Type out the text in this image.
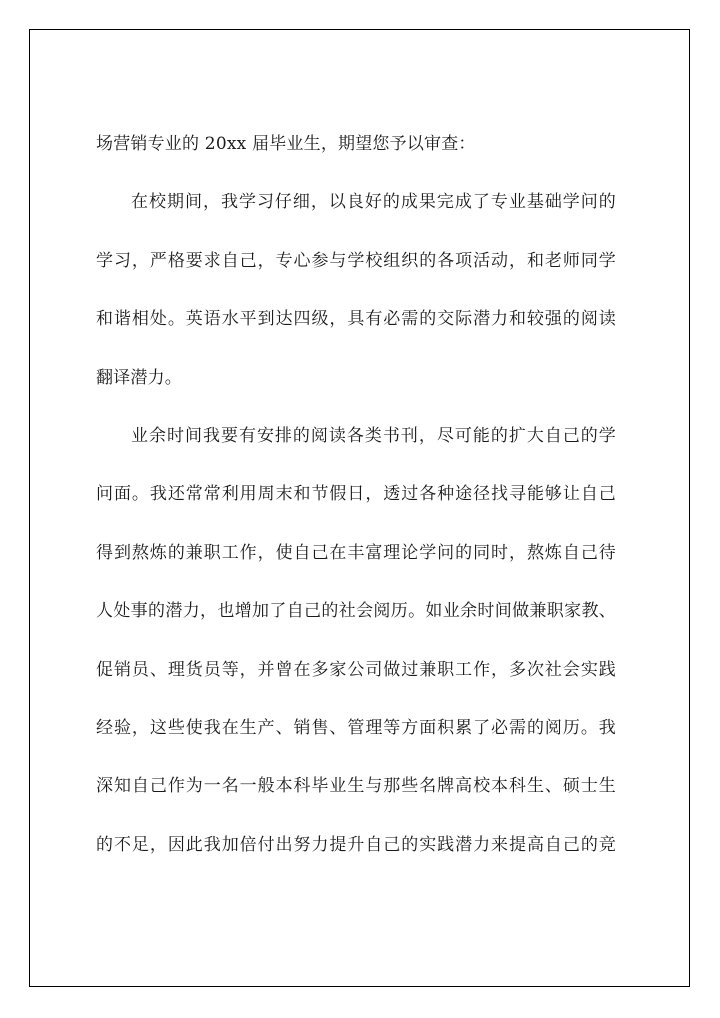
场营销专业的 20xx 届毕业生，期望您予以审查：
在校期间，我学习仔细，以良好的成果完成了专业基础学问的
学习，严格要求自己，专心参与学校组织的各项活动，和老师同学
和谐相处。英语水平到达四级，具有必需的交际潜力和较强的阅读
翻译潜力。
业余时间我要有安排的阅读各类书刊，尽可能的扩大自己的学
问面。我还常常利用周末和节假日，透过各种途径找寻能够让自己
得到熬炼的兼职工作，使自己在丰富理论学问的同时，熬炼自己待
人处事的潜力，也增加了自己的社会阅历。如业余时间做兼职家教、
促销员、理货员等，并曾在多家公司做过兼职工作，多次社会实践
经验，这些使我在生产、销售、管理等方面积累了必需的阅历。我
深知自己作为一名一般本科毕业生与那些名牌高校本科生、硕士生
的不足，因此我加倍付出努力提升自己的实践潜力来提高自己的竞
